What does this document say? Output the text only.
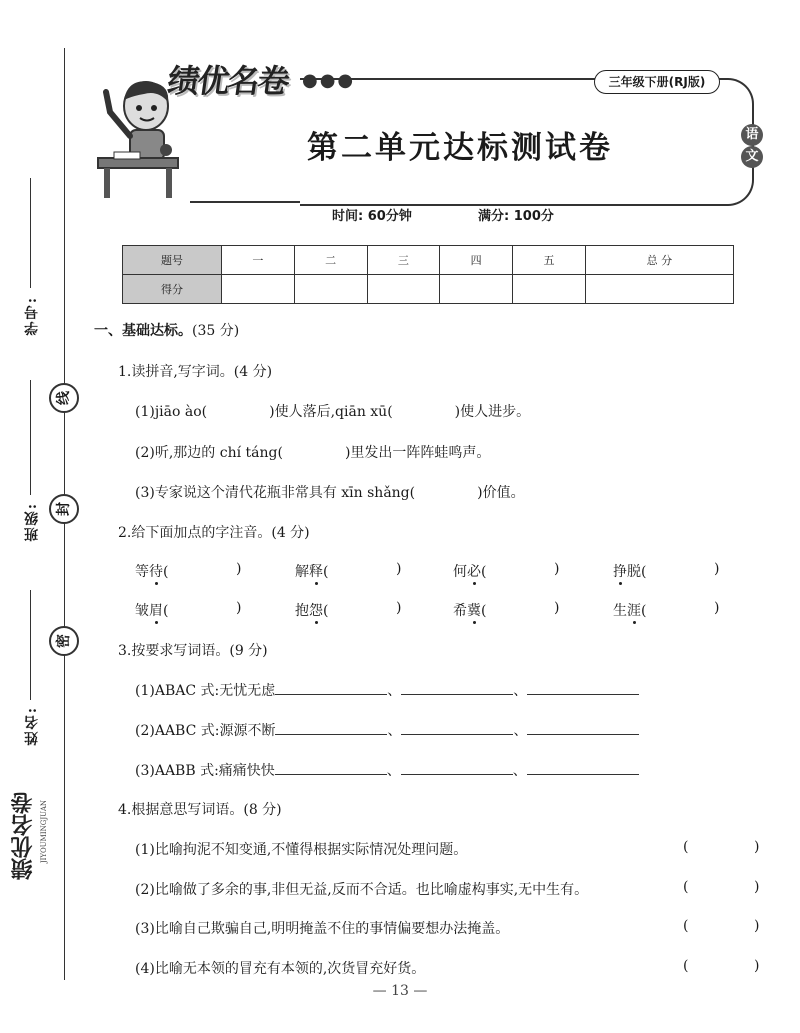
学号:
线
班级:	封
密
姓名:
绩优名卷 JIYOUMINGJUAN
绩优名卷 ●●●	三年级下册(RJ版)
第二单元达标测试卷	语
文
时间: 60分钟	满分: 100分
题号	一	二	三	四	五	总 分
得分						
一、基础达标。(35 分)
1.读拼音,写字词。(4 分)
(1)jiāo ào(	)使人落后,qiān xū(	)使人进步。
(2)听,那边的 chí táng(	)里发出一阵阵蛙鸣声。
(3)专家说这个清代花瓶非常具有 xīn shǎng(	)价值。
2.给下面加点的字注音。(4 分)
等待(	)	解释(	)	何必(	)	挣脱(	)
皱眉(	)	抱怨(	)	希冀(	)	生涯(	)
3.按要求写词语。(9 分)
(1)ABAC 式:无忧无虑	、	、
(2)AABC 式:源源不断	、	、
(3)AABB 式:痛痛快快	、	、
4.根据意思写词语。(8 分)
(1)比喻拘泥不知变通,不懂得根据实际情况处理问题。	(	)
(2)比喻做了多余的事,非但无益,反而不合适。也比喻虚构事实,无中生有。	(	)
(3)比喻自己欺骗自己,明明掩盖不住的事情偏要想办法掩盖。	(	)
(4)比喻无本领的冒充有本领的,次货冒充好货。	(	)
— 13 —
